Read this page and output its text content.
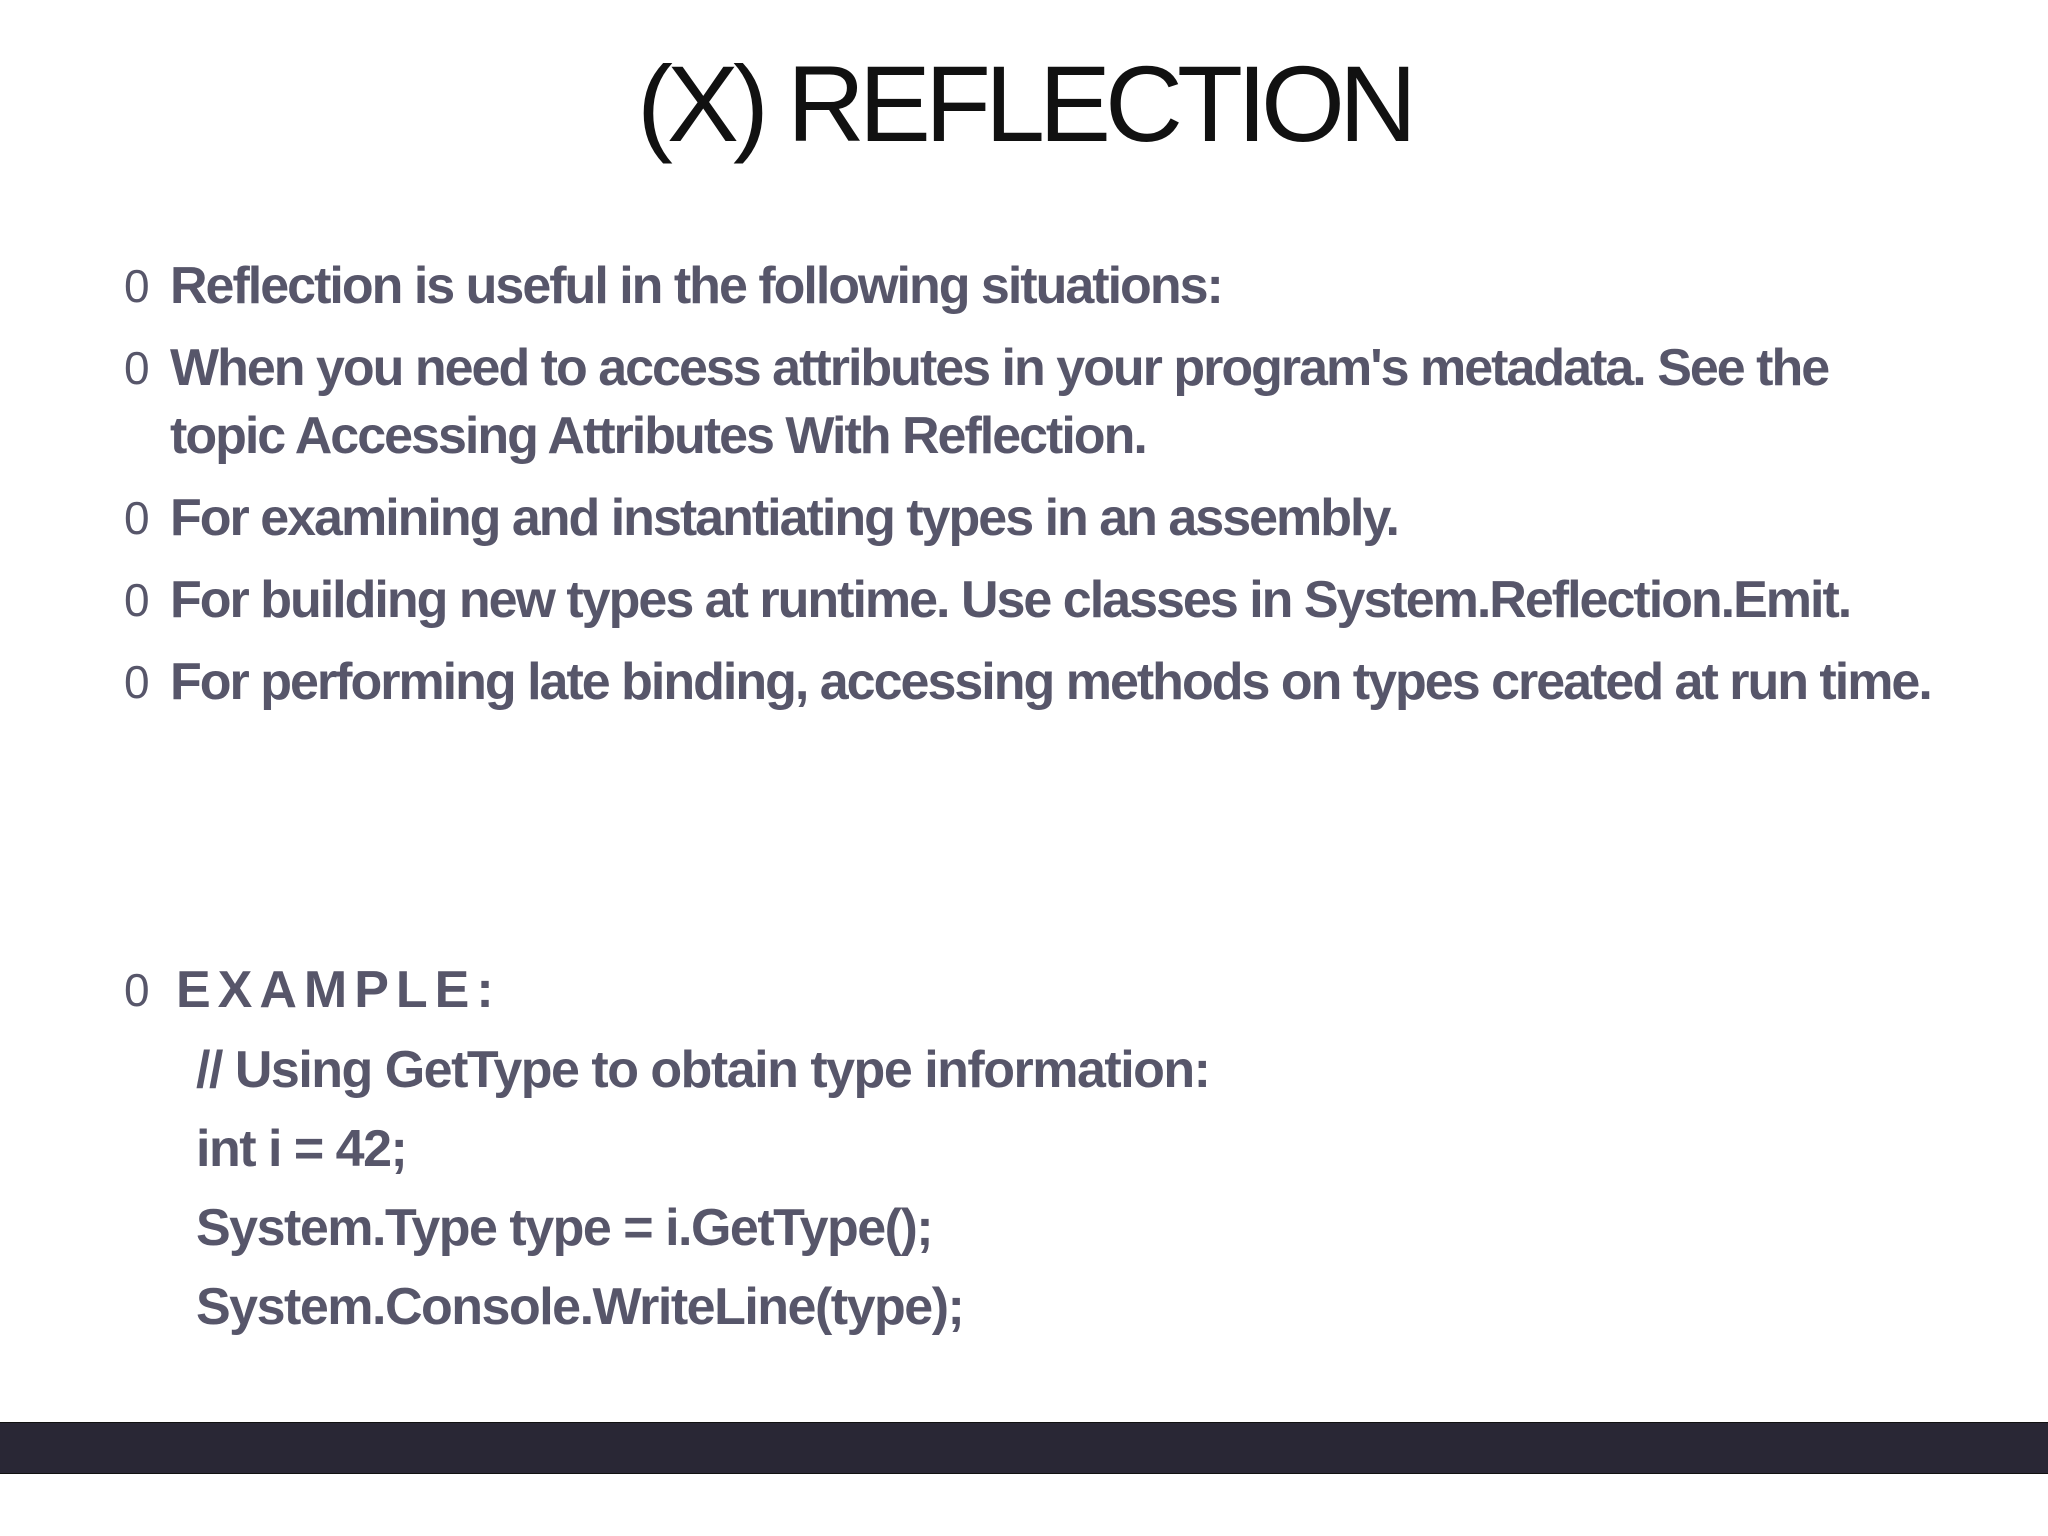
(X) REFLECTION
0 Reflection is useful in the following situations:
0 When you need to access attributes in your program's metadata. See the topic Accessing Attributes With Reflection.
0 For examining and instantiating types in an assembly.
0 For building new types at runtime. Use classes in System.Reflection.Emit.
0 For performing late binding, accessing methods on types created at run time.
0 EXAMPLE:
// Using GetType to obtain type information:
int i = 42;
System.Type type = i.GetType();
System.Console.WriteLine(type);
